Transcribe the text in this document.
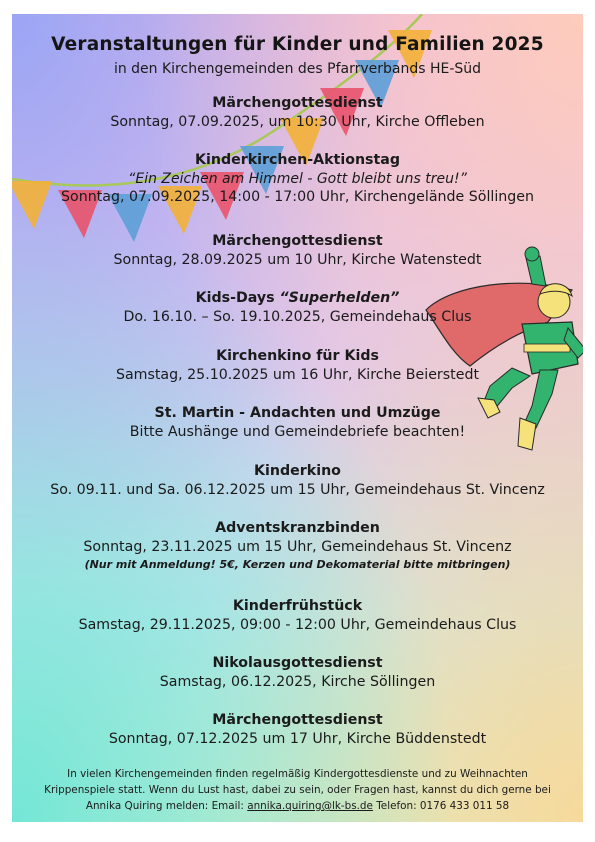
Veranstaltungen für Kinder und Familien 2025
in den Kirchengemeinden des Pfarrverbands HE-Süd
Märchengottesdienst
Sonntag, 07.09.2025, um 10:30 Uhr, Kirche Offleben
Kinderkirchen-Aktionstag
“Ein Zeichen am Himmel - Gott bleibt uns treu!”
Sonntag, 07.09.2025, 14:00 - 17:00 Uhr, Kirchengelände Söllingen
Märchengottesdienst
Sonntag, 28.09.2025 um 10 Uhr, Kirche Watenstedt
Kids-Days “Superhelden”
Do. 16.10. – So. 19.10.2025, Gemeindehaus Clus
Kirchenkino für Kids
Samstag, 25.10.2025 um 16 Uhr, Kirche Beierstedt
St. Martin - Andachten und Umzüge
Bitte Aushänge und Gemeindebriefe beachten!
Kinderkino
So. 09.11. und Sa. 06.12.2025 um 15 Uhr, Gemeindehaus St. Vincenz
Adventskranzbinden
Sonntag, 23.11.2025 um 15 Uhr, Gemeindehaus St. Vincenz
(Nur mit Anmeldung! 5€, Kerzen und Dekomaterial bitte mitbringen)
Kinderfrühstück
Samstag, 29.11.2025, 09:00 - 12:00 Uhr, Gemeindehaus Clus
Nikolausgottesdienst
Samstag, 06.12.2025, Kirche Söllingen
Märchengottesdienst
Sonntag, 07.12.2025 um 17 Uhr, Kirche Büddenstedt
In vielen Kirchengemeinden finden regelmäßig Kindergottesdienste und zu Weihnachten
Krippenspiele statt. Wenn du Lust hast, dabei zu sein, oder Fragen hast, kannst du dich gerne bei
Annika Quiring melden: Email: annika.quiring@lk-bs.de Telefon: 0176 433 011 58
